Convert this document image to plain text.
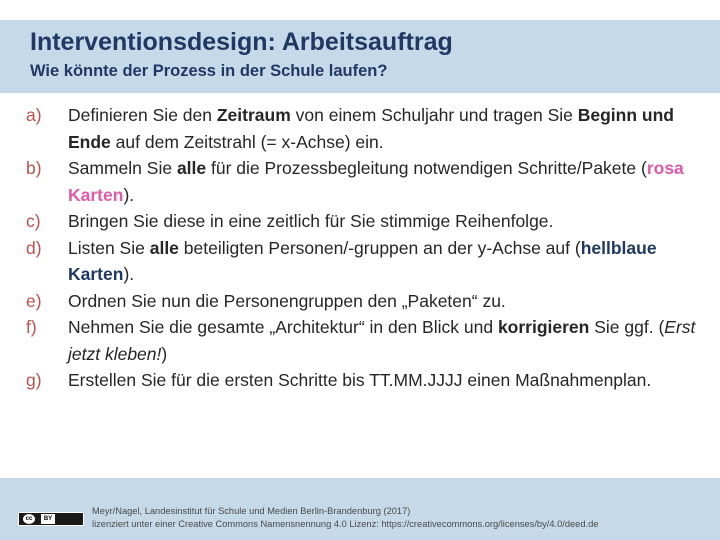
Interventionsdesign: Arbeitsauftrag
Wie könnte der Prozess in der Schule laufen?
a)	Definieren Sie den Zeitraum von einem Schuljahr und tragen Sie Beginn und Ende auf dem Zeitstrahl (= x-Achse) ein.
b)	Sammeln Sie alle für die Prozessbegleitung notwendigen Schritte/Pakete (rosa Karten).
c)	Bringen Sie diese in eine zeitlich für Sie stimmige Reihenfolge.
d)	Listen Sie alle beteiligten Personen/-gruppen an der y-Achse auf (hellblaue Karten).
e)	Ordnen Sie nun die Personengruppen den „Paketen“ zu.
f)	Nehmen Sie die gesamte „Architektur“ in den Blick und korrigieren Sie ggf. (Erst jetzt kleben!)
g)	Erstellen Sie für die ersten Schritte bis TT.MM.JJJJ einen Maßnahmenplan.
cc	BY
Meyr/Nagel, Landesinstitut für Schule und Medien Berlin-Brandenburg (2017)
lizenziert unter einer Creative Commons Namensnennung 4.0 Lizenz: https://creativecommons.org/licenses/by/4.0/deed.de
